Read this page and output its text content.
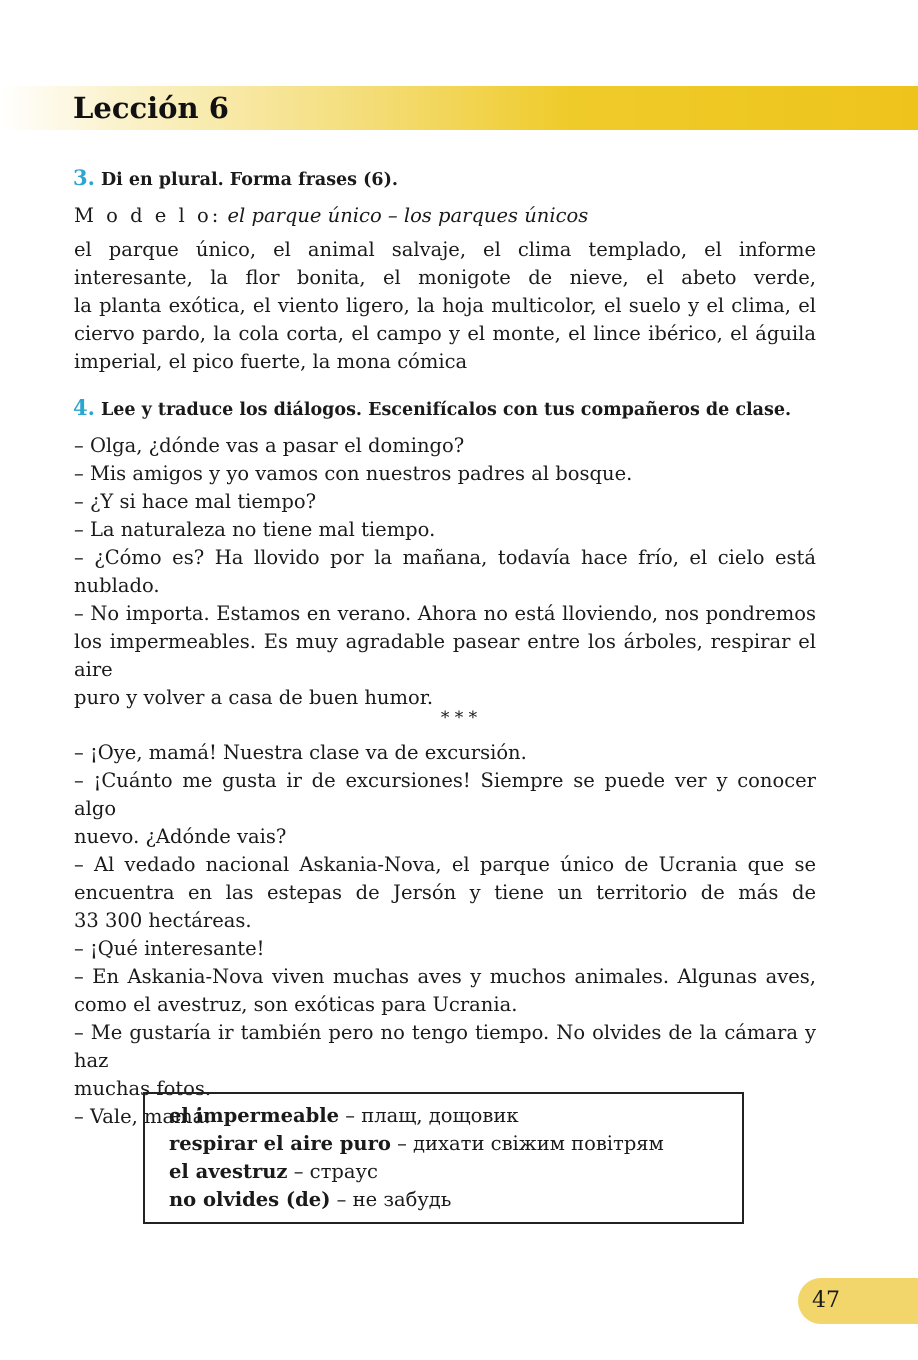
Lección 6
3. Di en plural. Forma frases (6).
M o d e l o: el parque único – los parques únicos
el parque único, el animal salvaje, el clima templado, el informe
interesante, la flor bonita, el monigote de nieve, el abeto verde,
la planta exótica, el viento ligero, la hoja multicolor, el suelo y el clima, el
ciervo pardo, la cola corta, el campo y el monte, el lince ibérico, el águila
imperial, el pico fuerte, la mona cómica
4. Lee y traduce los diálogos. Escenifícalos con tus compañeros de clase.
– Olga, ¿dónde vas a pasar el domingo?
– Mis amigos y yo vamos con nuestros padres al bosque.
– ¿Y si hace mal tiempo?
– La naturaleza no tiene mal tiempo.
– ¿Cómo es? Ha llovido por la mañana, todavía hace frío, el cielo está
nublado.
– No importa. Estamos en verano. Ahora no está lloviendo, nos pondremos
los impermeables. Es muy agradable pasear entre los árboles, respirar el aire
puro y volver a casa de buen humor.
* * *
– ¡Oye, mamá! Nuestra clase va de excursión.
– ¡Cuánto me gusta ir de excursiones! Siempre se puede ver y conocer algo
nuevo. ¿Adónde vais?
– Al vedado nacional Askania-Nova, el parque único de Ucrania que se
encuentra en las estepas de Jersón y tiene un territorio de más de
33 300 hectáreas.
– ¡Qué interesante!
– En Askania-Nova viven muchas aves y muchos animales. Algunas aves,
como el avestruz, son exóticas para Ucrania.
– Me gustaría ir también pero no tengo tiempo. No olvides de la cámara y haz
muchas fotos.
– Vale, mamá.
el impermeable – плащ, дощовик
respirar el aire puro – дихати свіжим повітрям
el avestruz – страус
no olvides (de) – не забудь
47
